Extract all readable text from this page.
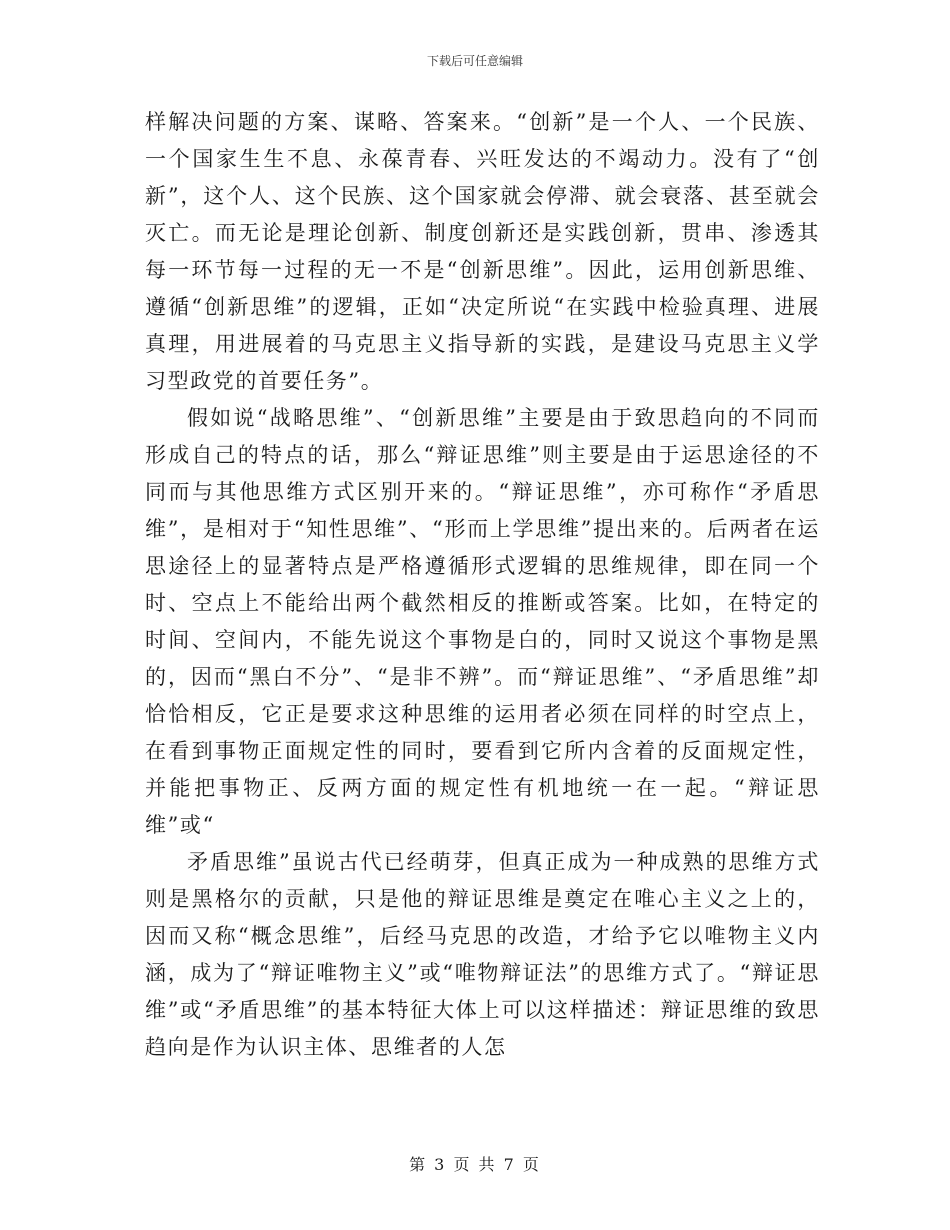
下载后可任意编辑

样解决问题的方案、谋略、答案来。“创新”是一个人、一个民族、一个国家生生不息、永葆青春、兴旺发达的不竭动力。没有了“创新”，这个人、这个民族、这个国家就会停滞、就会衰落、甚至就会灭亡。而无论是理论创新、制度创新还是实践创新，贯串、渗透其每一环节每一过程的无一不是“创新思维”。因此，运用创新思维、遵循“创新思维”的逻辑，正如“决定所说“在实践中检验真理、进展真理，用进展着的马克思主义指导新的实践，是建设马克思主义学习型政党的首要任务”。

假如说“战略思维”、“创新思维”主要是由于致思趋向的不同而形成自己的特点的话，那么“辩证思维”则主要是由于运思途径的不同而与其他思维方式区别开来的。“辩证思维”，亦可称作“矛盾思维”，是相对于“知性思维”、“形而上学思维”提出来的。后两者在运思途径上的显著特点是严格遵循形式逻辑的思维规律，即在同一个时、空点上不能给出两个截然相反的推断或答案。比如，在特定的时间、空间内，不能先说这个事物是白的，同时又说这个事物是黑的，因而“黑白不分”、“是非不辨”。而“辩证思维”、“矛盾思维”却恰恰相反，它正是要求这种思维的运用者必须在同样的时空点上，在看到事物正面规定性的同时，要看到它所内含着的反面规定性，并能把事物正、反两方面的规定性有机地统一在一起。“辩证思维”或“

矛盾思维”虽说古代已经萌芽，但真正成为一种成熟的思维方式则是黑格尔的贡献，只是他的辩证思维是奠定在唯心主义之上的，因而又称“概念思维”，后经马克思的改造，才给予它以唯物主义内涵，成为了“辩证唯物主义”或“唯物辩证法”的思维方式了。“辩证思维”或“矛盾思维”的基本特征大体上可以这样描述：辩证思维的致思趋向是作为认识主体、思维者的人怎

第 3 页 共 7 页
